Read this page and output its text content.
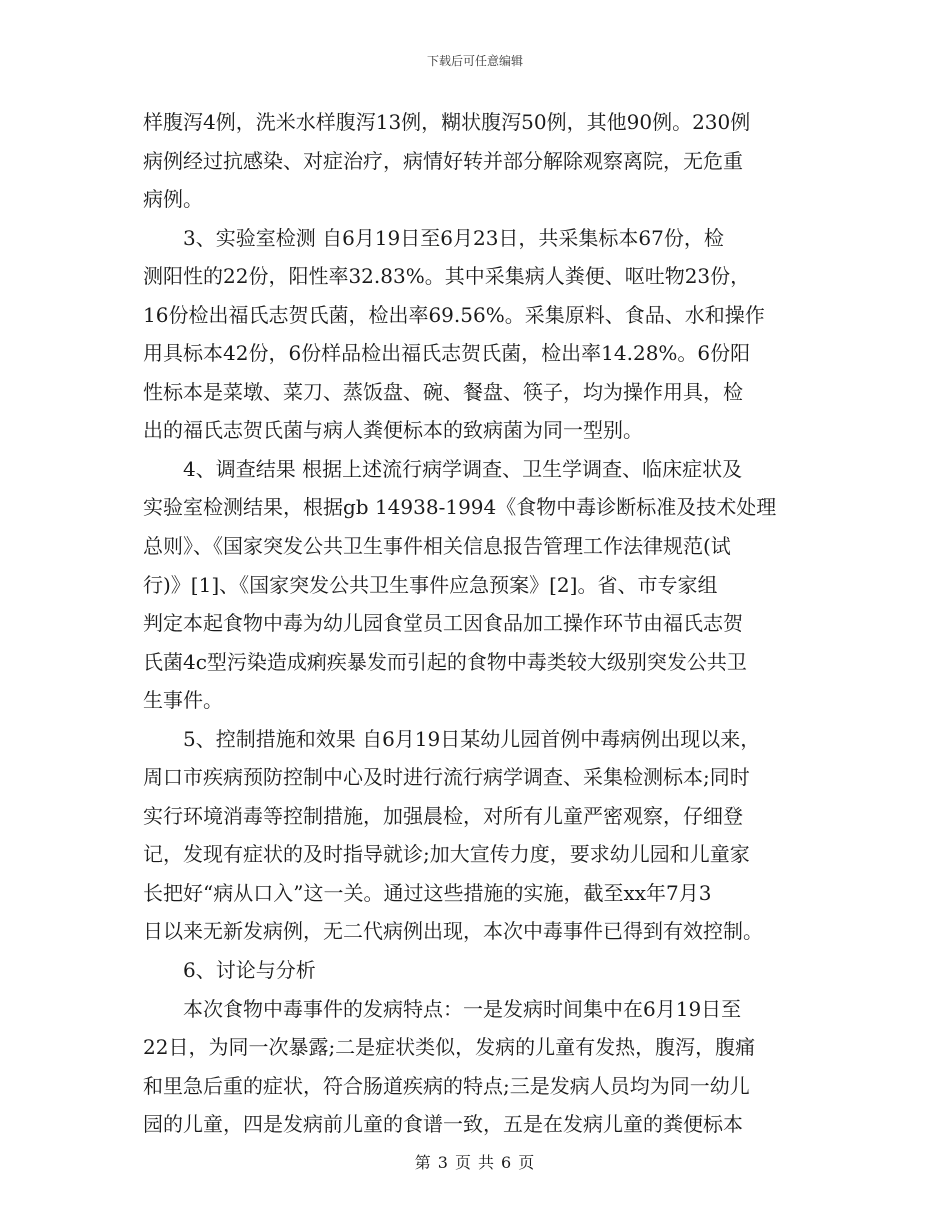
下载后可任意编辑
样腹泻4例，洗米水样腹泻13例，糊状腹泻50例，其他90例。230例
病例经过抗感染、对症治疗，病情好转并部分解除观察离院，无危重
病例。
3、实验室检测 自6月19日至6月23日，共采集标本67份，检
测阳性的22份，阳性率32.83%。其中采集病人粪便、呕吐物23份，
16份检出福氏志贺氏菌，检出率69.56%。采集原料、食品、水和操作
用具标本42份，6份样品检出福氏志贺氏菌，检出率14.28%。6份阳
性标本是菜墩、菜刀、蒸饭盘、碗、餐盘、筷子，均为操作用具，检
出的福氏志贺氏菌与病人粪便标本的致病菌为同一型别。
4、调查结果 根据上述流行病学调查、卫生学调查、临床症状及
实验室检测结果，根据gb 14938-1994《食物中毒诊断标准及技术处理
总则》、《国家突发公共卫生事件相关信息报告管理工作法律规范(试
行)》[1]、《国家突发公共卫生事件应急预案》[2]。省、市专家组
判定本起食物中毒为幼儿园食堂员工因食品加工操作环节由福氏志贺
氏菌4c型污染造成痢疾暴发而引起的食物中毒类较大级别突发公共卫
生事件。
5、控制措施和效果 自6月19日某幼儿园首例中毒病例出现以来，
周口市疾病预防控制中心及时进行流行病学调查、采集检测标本;同时
实行环境消毒等控制措施，加强晨检，对所有儿童严密观察，仔细登
记，发现有症状的及时指导就诊;加大宣传力度，要求幼儿园和儿童家
长把好“病从口入”这一关。通过这些措施的实施，截至xx年7月3
日以来无新发病例，无二代病例出现，本次中毒事件已得到有效控制。
6、讨论与分析
本次食物中毒事件的发病特点：一是发病时间集中在6月19日至
22日，为同一次暴露;二是症状类似，发病的儿童有发热，腹泻，腹痛
和里急后重的症状，符合肠道疾病的特点;三是发病人员均为同一幼儿
园的儿童，四是发病前儿童的食谱一致，五是在发病儿童的粪便标本
第 3 页 共 6 页
